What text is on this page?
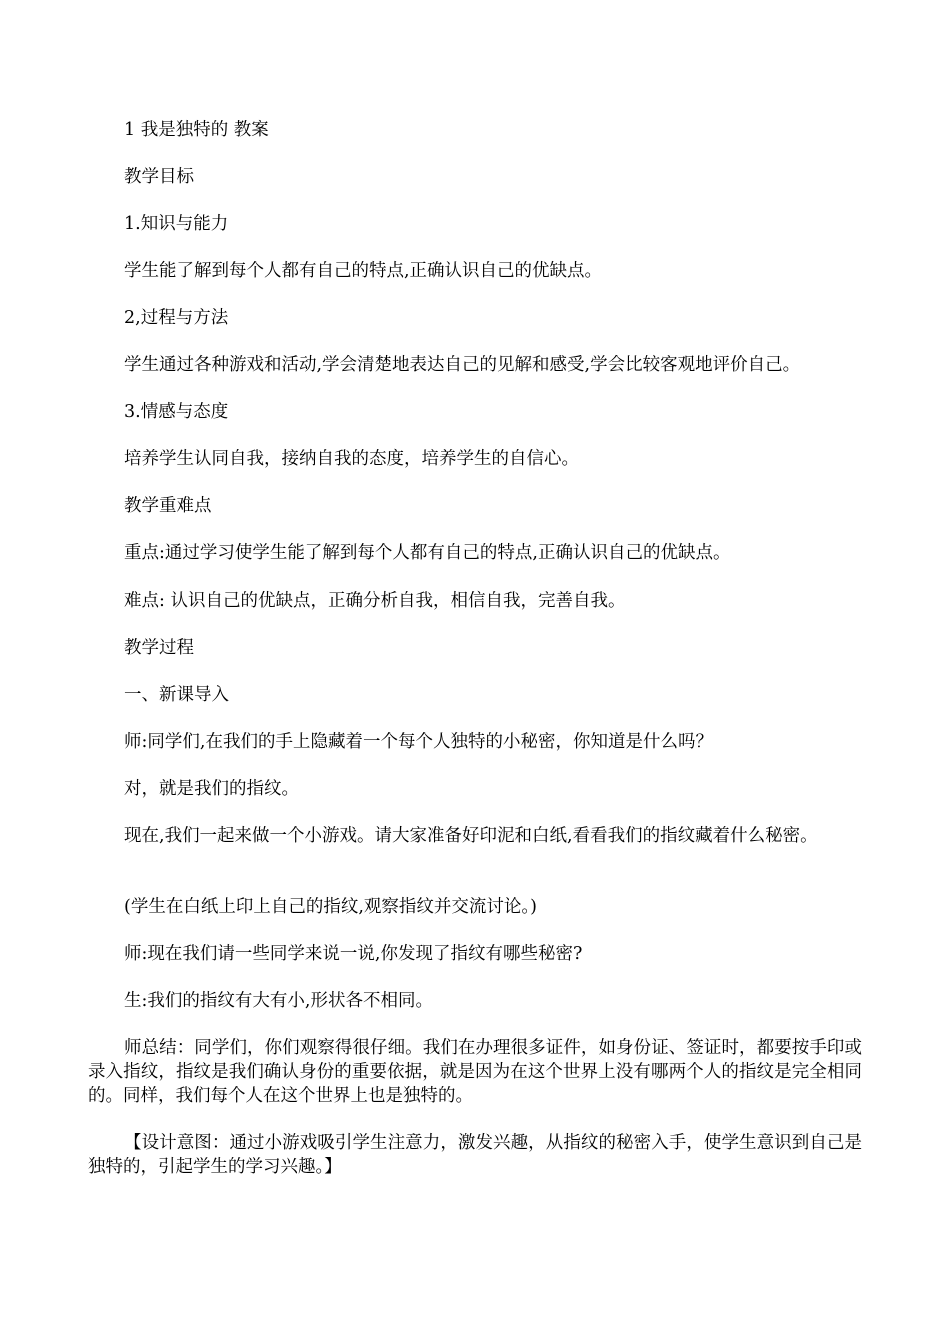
1 我是独特的 教案

教学目标

1.知识与能力

学生能了解到每个人都有自己的特点,正确认识自己的优缺点。

2,过程与方法

学生通过各种游戏和活动,学会清楚地表达自己的见解和感受,学会比较客观地评价自己。

3.情感与态度

培养学生认同自我，接纳自我的态度，培养学生的自信心。

教学重难点

重点:通过学习使学生能了解到每个人都有自己的特点,正确认识自己的优缺点。

难点: 认识自己的优缺点，正确分析自我，相信自我，完善自我。

教学过程

一、新课导入

师:同学们,在我们的手上隐藏着一个每个人独特的小秘密，你知道是什么吗？

对，就是我们的指纹。

现在,我们一起来做一个小游戏。请大家准备好印泥和白纸,看看我们的指纹藏着什么秘密。

(学生在白纸上印上自己的指纹,观察指纹并交流讨论。)

师:现在我们请一些同学来说一说,你发现了指纹有哪些秘密?

生:我们的指纹有大有小,形状各不相同。

师总结：同学们，你们观察得很仔细。我们在办理很多证件，如身份证、签证时，都要按手印或录入指纹，指纹是我们确认身份的重要依据，就是因为在这个世界上没有哪两个人的指纹是完全相同的。同样，我们每个人在这个世界上也是独特的。

【设计意图：通过小游戏吸引学生注意力，激发兴趣，从指纹的秘密入手，使学生意识到自己是独特的，引起学生的学习兴趣。】
